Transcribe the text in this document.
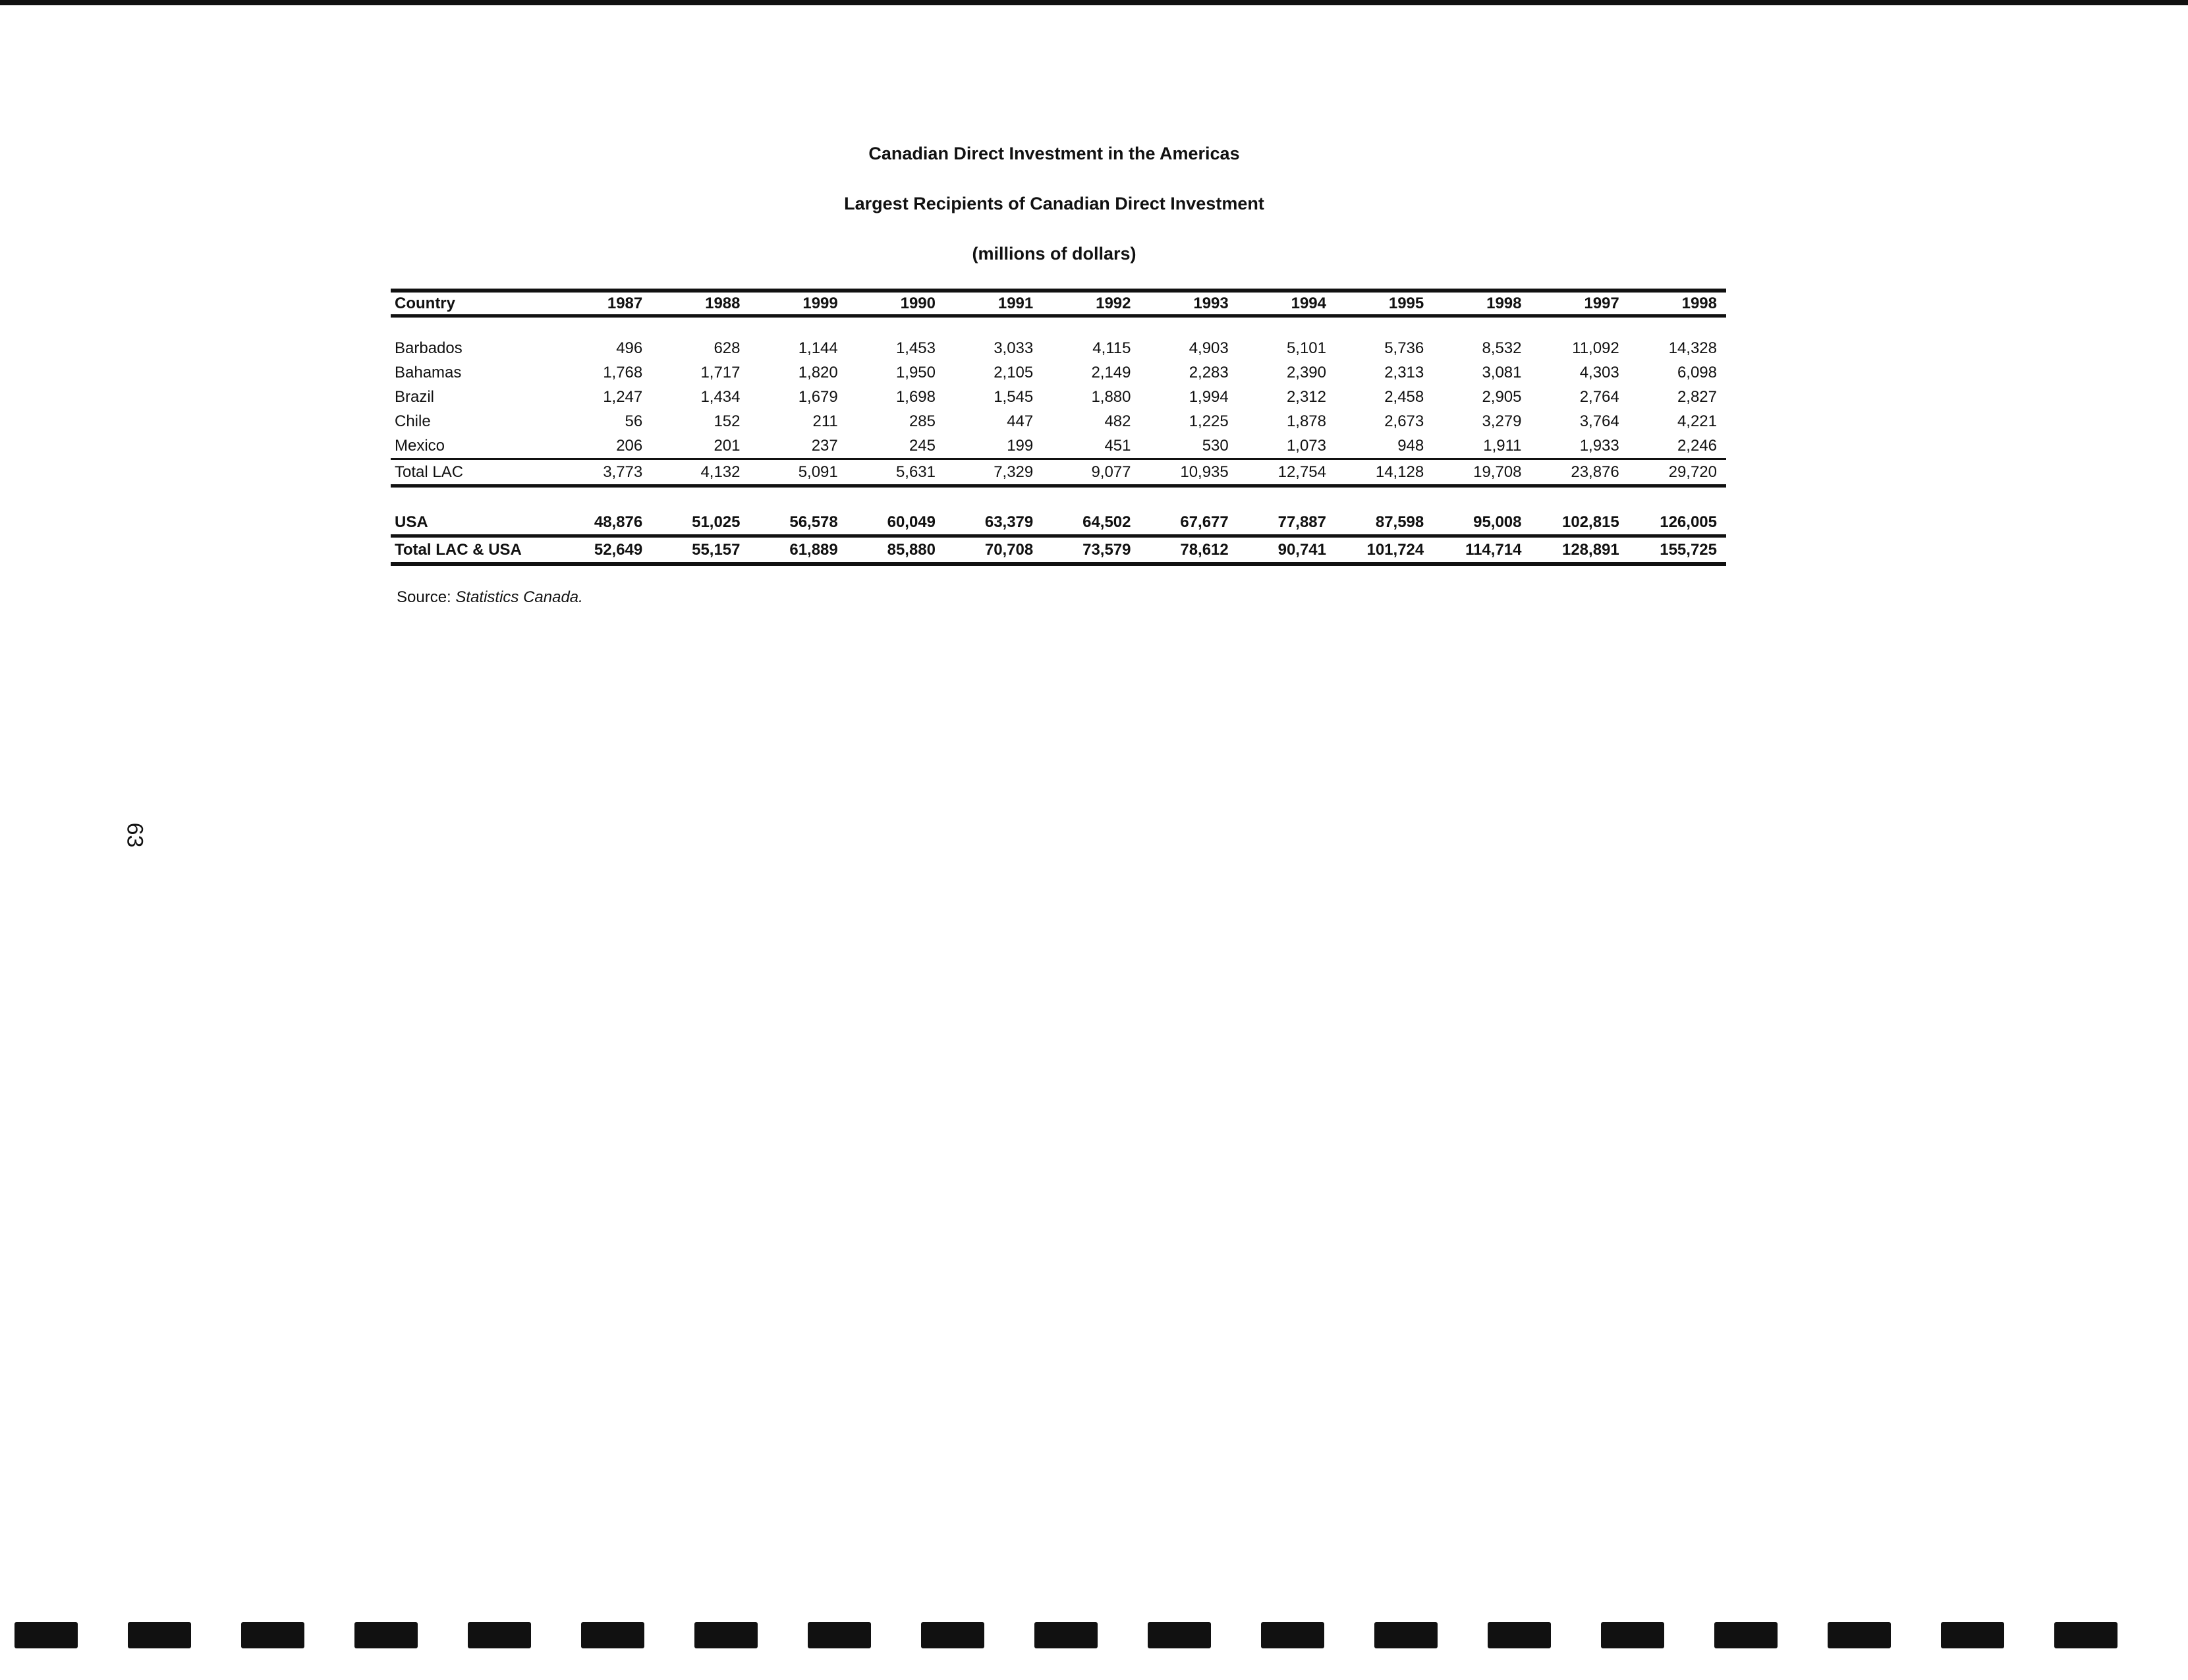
Canadian Direct Investment in the Americas
Largest Recipients of Canadian Direct Investment
(millions of dollars)
Country	1987	1988	1999	1990	1991	1992	1993	1994	1995	1998	1997	1998

Barbados	496	628	1,144	1,453	3,033	4,115	4,903	5,101	5,736	8,532	11,092	14,328
Bahamas	1,768	1,717	1,820	1,950	2,105	2,149	2,283	2,390	2,313	3,081	4,303	6,098
Brazil	1,247	1,434	1,679	1,698	1,545	1,880	1,994	2,312	2,458	2,905	2,764	2,827
Chile	56	152	211	285	447	482	1,225	1,878	2,673	3,279	3,764	4,221
Mexico	206	201	237	245	199	451	530	1,073	948	1,911	1,933	2,246
Total LAC	3,773	4,132	5,091	5,631	7,329	9,077	10,935	12,754	14,128	19,708	23,876	29,720

USA	48,876	51,025	56,578	60,049	63,379	64,502	67,677	77,887	87,598	95,008	102,815	126,005
Total LAC & USA	52,649	55,157	61,889	85,880	70,708	73,579	78,612	90,741	101,724	114,714	128,891	155,725
Source: Statistics Canada.
63
